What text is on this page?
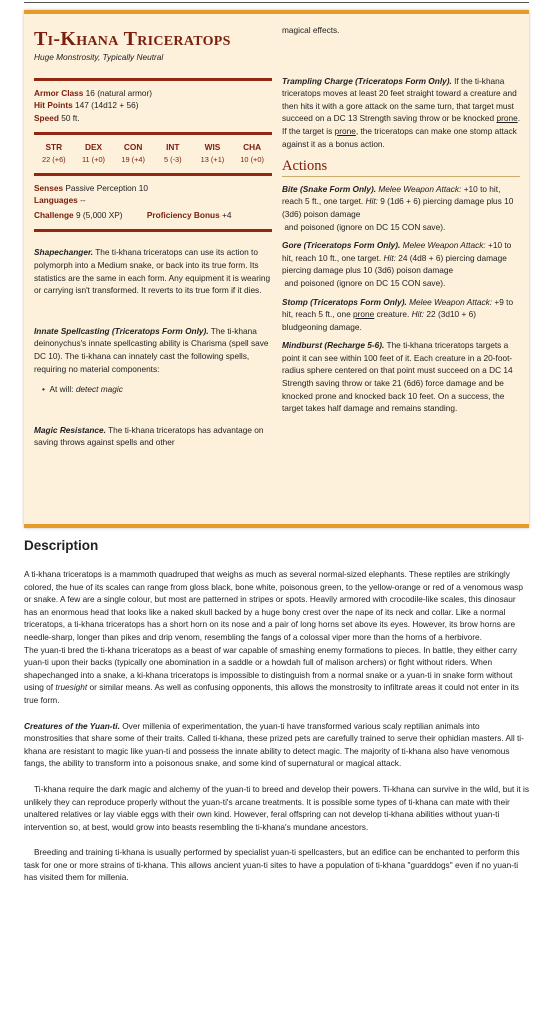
Ti-Khana Triceratops
Huge Monstrosity, Typically Neutral
Armor Class 16 (natural armor)
Hit Points 147 (14d12 + 56)
Speed 50 ft.
STR
22 (+6)
DEX
11 (+0)
CON
19 (+4)
INT
5 (-3)
WIS
13 (+1)
CHA
10 (+0)
Senses Passive Perception 10
Languages --
Challenge 9 (5,000 XP)	Proficiency Bonus +4

Shapechanger. The ti-khana triceratops can use its action to polymorph into a Medium snake, or back into its true form. Its statistics are the same in each form. Any equipment it is wearing or carrying isn't transformed. It reverts to its true form if it dies.

Innate Spellcasting (Triceratops Form Only). The ti-khana deinonychus's innate spellcasting ability is Charisma (spell save DC 10). The ti-khana can innately cast the following spells, requiring no material components:

•  At will: detect magic

Magic Resistance. The ti-khana triceratops has advantage on saving throws against spells and other

magical effects.

Trampling Charge (Triceratops Form Only). If the ti-khana triceratops moves at least 20 feet straight toward a creature and then hits it with a gore attack on the same turn, that target must succeed on a DC 13 Strength saving throw or be knocked prone. If the target is prone, the triceratops can make one stomp attack against it as a bonus action.

Actions

Bite (Snake Form Only). Melee Weapon Attack: +10 to hit, reach 5 ft., one target. Hit: 9 (1d6 + 6) piercing damage plus 10 (3d6) poison damage
and poisoned (ignore on DC 15 CON save).

Gore (Triceratops Form Only). Melee Weapon Attack: +10 to hit, reach 10 ft., one target. Hit: 24 (4d8 + 6) piercing damage piercing damage plus 10 (3d6) poison damage
and poisoned (ignore on DC 15 CON save).

Stomp (Triceratops Form Only). Melee Weapon Attack: +9 to hit, reach 5 ft., one prone creature. Hit: 22 (3d10 + 6) bludgeoning damage.

Mindburst (Recharge 5-6). The ti-khana triceratops targets a point it can see within 100 feet of it. Each creature in a 20-foot-radius sphere centered on that point must succeed on a DC 14 Strength saving throw or take 21 (6d6) force damage and be knocked prone and knocked back 10 feet. On a success, the target takes half damage and remains standing.

Description

A ti-khana triceratops is a mammoth quadruped that weighs as much as several normal-sized elephants. These reptiles are strikingly colored, the hue of its scales can range from gloss black, bone white, poisonous green, to the yellow-orange or red of a venomous wasp or snake. A few are a single colour, but most are patterned in stripes or spots. Heavily armored with crocodile-like scales, this dinosaur has an enormous head that looks like a naked skull backed by a huge bony crest over the nape of its neck and collar. Like a normal triceratops, a ti-khana triceratops has a short horn on its nose and a pair of long horns set above its eyes. However, its brow horns are needle-sharp, longer than pikes and drip venom, resembling the fangs of a colossal viper more than the horns of a herbivore.

The yuan-ti bred the ti-khana triceratops as a beast of war capable of smashing enemy formations to pieces. In battle, they either carry yuan-ti upon their backs (typically one abomination in a saddle or a howdah full of malison archers) or fight without riders. When shapechanged into a snake, a ki-khana triceratops is impossible to distinguish from a normal snake or a yuan-ti in snake form without using of truesight or similar means. As well as confusing opponents, this allows the monstrosity to infiltrate areas it could not enter in its true form.

Creatures of the Yuan-ti. Over millenia of experimentation, the yuan-ti have transformed various scaly reptilian animals into monstrosities that share some of their traits. Called ti-khana, these prized pets are carefully trained to serve their ophidian masters. All ti-khana are resistant to magic like yuan-ti and possess the innate ability to detect magic. The majority of ti-khana also have venomous fangs, the ability to transform into a poisonous snake, and some kind of supernatural or magical attack.

Ti-khana require the dark magic and alchemy of the yuan-ti to breed and develop their powers. Ti-khana can survive in the wild, but it is unlikely they can reproduce properly without the yuan-ti's arcane treatments. It is possible some types of ti-khana can mate with their unaltered relatives or lay viable eggs with their own kind. However, feral offspring can not develop ti-khana abilities without yuan-ti intervention so, at best, would grow into beasts resembling the ti-khana's mundane ancestors.

Breeding and training ti-khana is usually performed by specialist yuan-ti spellcasters, but an edifice can be enchanted to perform this task for one or more strains of ti-khana. This allows ancient yuan-ti sites to have a population of ti-khana "guarddogs" even if no yuan-ti has visited them for millenia.
